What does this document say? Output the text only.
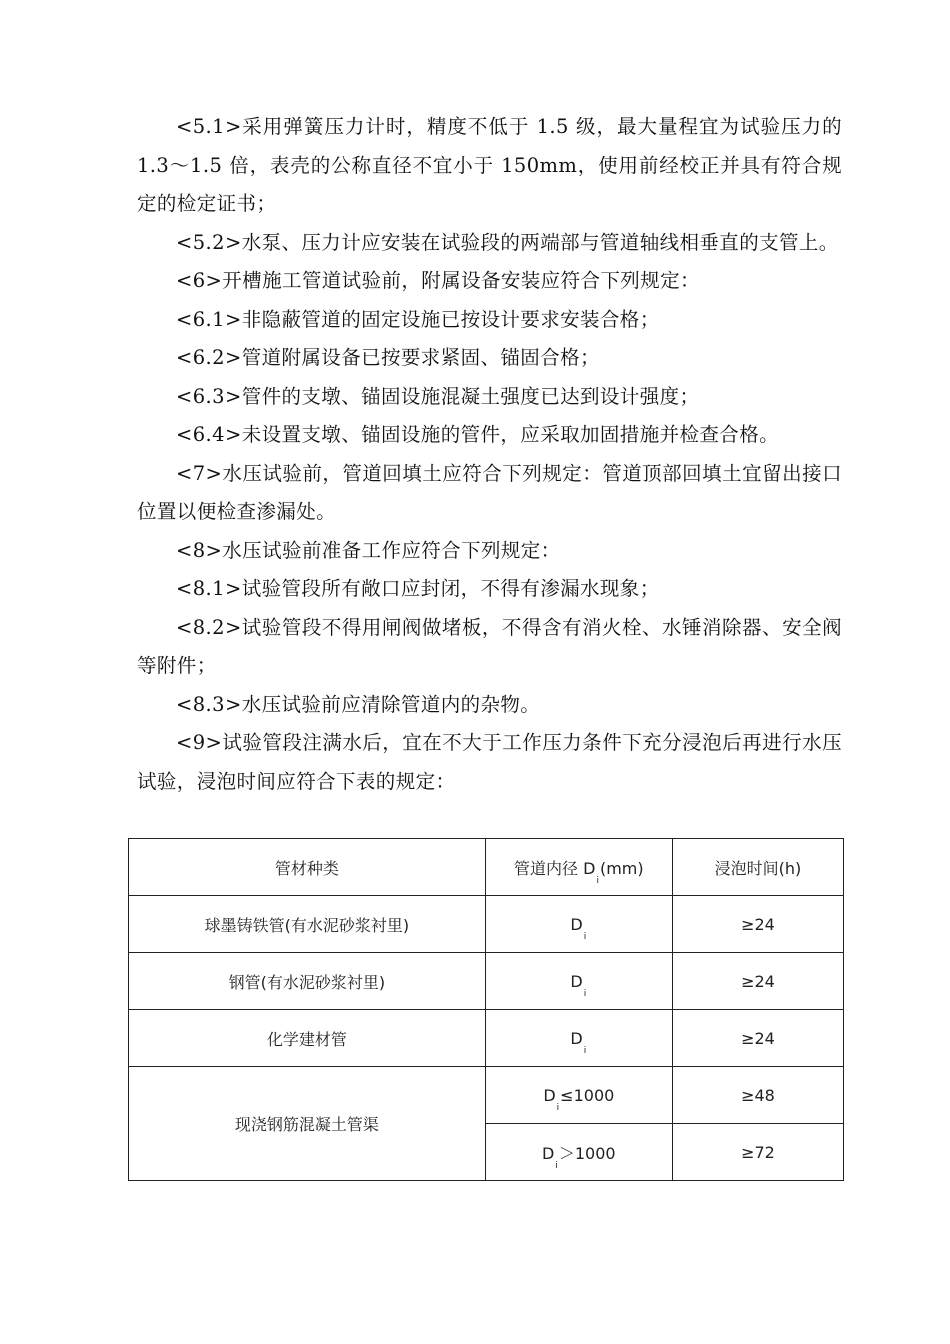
<5.1>采用弹簧压力计时，精度不低于 1.5 级，最大量程宜为试验压力的 1.3～1.5 倍，表壳的公称直径不宜小于 150mm，使用前经校正并具有符合规定的检定证书；

<5.2>水泵、压力计应安装在试验段的两端部与管道轴线相垂直的支管上。

<6>开槽施工管道试验前，附属设备安装应符合下列规定：

<6.1>非隐蔽管道的固定设施已按设计要求安装合格；

<6.2>管道附属设备已按要求紧固、锚固合格；

<6.3>管件的支墩、锚固设施混凝土强度已达到设计强度；

<6.4>未设置支墩、锚固设施的管件，应采取加固措施并检查合格。

<7>水压试验前，管道回填土应符合下列规定：管道顶部回填土宜留出接口位置以便检查渗漏处。

<8>水压试验前准备工作应符合下列规定：

<8.1>试验管段所有敞口应封闭，不得有渗漏水现象；

<8.2>试验管段不得用闸阀做堵板，不得含有消火栓、水锤消除器、安全阀等附件；

<8.3>水压试验前应清除管道内的杂物。

<9>试验管段注满水后，宜在不大于工作压力条件下充分浸泡后再进行水压试验，浸泡时间应符合下表的规定：

管材种类	管道内径 $D_i(mm)$	浸泡时间(h)
球墨铸铁管(有水泥砂浆衬里)	$D_i$	≥24
钢管(有水泥砂浆衬里)	$D_i$	≥24
化学建材管	$D_i$	≥24
现浇钢筋混凝土管渠	$D_i\le 1000$	≥48
	$D_i>1000$	≥72
